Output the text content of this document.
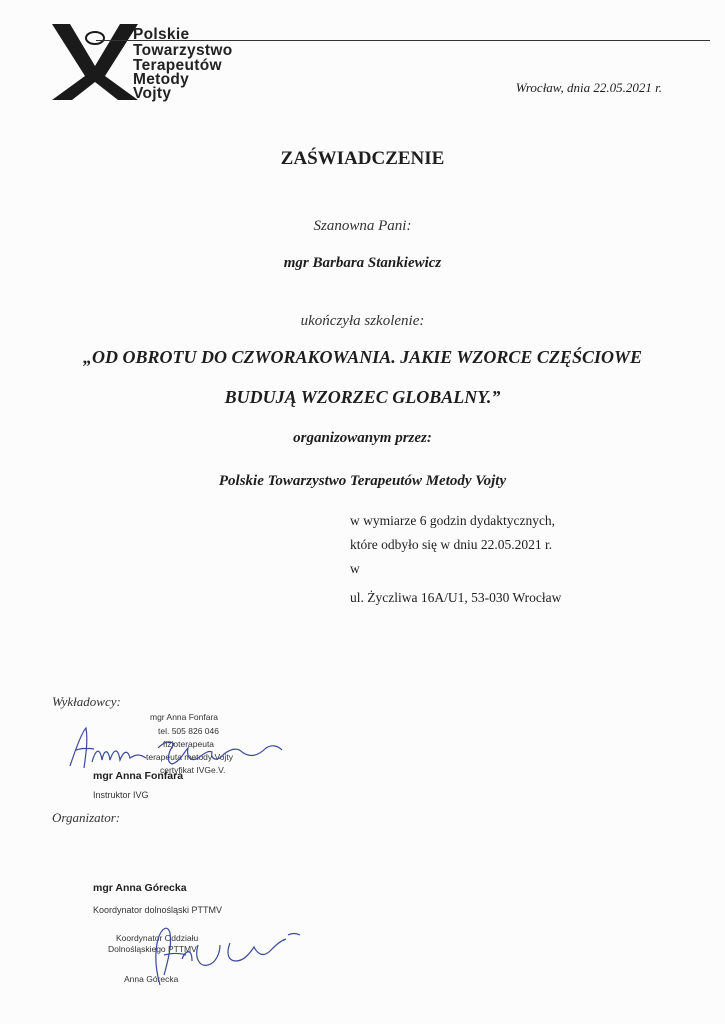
Polskie
Towarzystwo
Terapeutów
Metody
Vojty	Wrocław, dnia 22.05.2021 r.
ZAŚWIADCZENIE
Szanowna Pani:
mgr Barbara Stankiewicz
ukończyła szkolenie:
„OD OBROTU DO CZWORAKOWANIA. JAKIE WZORCE CZĘŚCIOWE
BUDUJĄ WZORZEC GLOBALNY.”
organizowanym przez:
Polskie Towarzystwo Terapeutów Metody Vojty
w wymiarze 6 godzin dydaktycznych,
które odbyło się w dniu 22.05.2021 r.
w
ul. Życzliwa 16A/U1, 53-030 Wrocław
Wykładowcy:
mgr Anna Fonfara
tel. 505 826 046
fizjoterapeuta
terapeuta metody Vojty
certyfikat IVGe.V.
mgr Anna Fonfara
Instruktor IVG
Organizator:
mgr Anna Górecka
Koordynator dolnośląski PTTMV
Koordynator Oddziału
Dolnośląskiego PTTMV
Anna Górecka
